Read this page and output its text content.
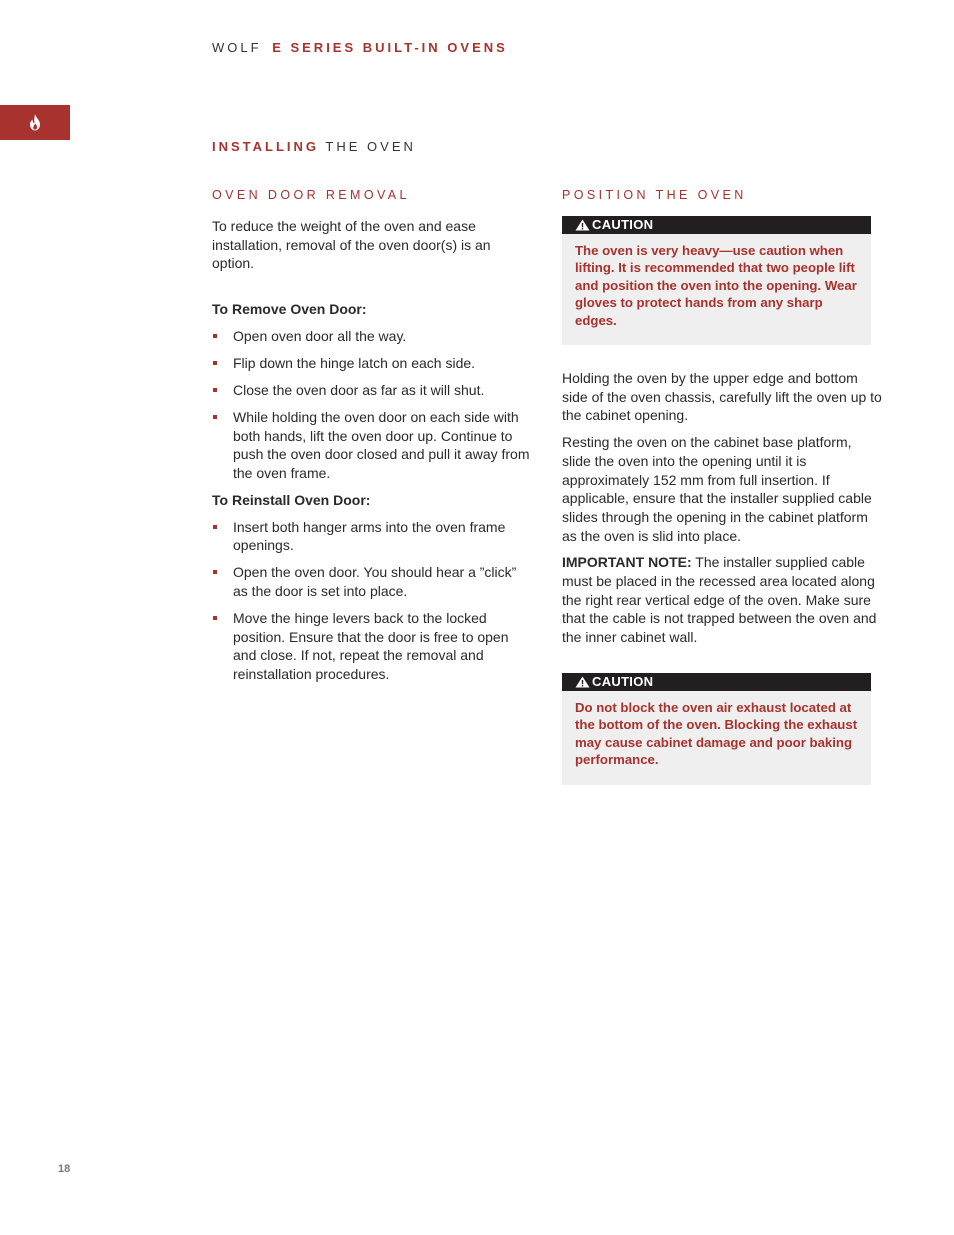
WOLF E SERIES BUILT-IN OVENS
INSTALLING THE OVEN
OVEN DOOR REMOVAL

To reduce the weight of the oven and ease installation, removal of the oven door(s) is an option.

To Remove Oven Door:
Open oven door all the way.
Flip down the hinge latch on each side.
Close the oven door as far as it will shut.
While holding the oven door on each side with both hands, lift the oven door up. Continue to push the oven door closed and pull it away from the oven frame.
To Reinstall Oven Door:
Insert both hanger arms into the oven frame openings.
Open the oven door. You should hear a ”click” as the door is set into place.
Move the hinge levers back to the locked position. Ensure that the door is free to open and close. If not, repeat the removal and reinstallation procedures.
POSITION THE OVEN
CAUTION
The oven is very heavy—use caution when lifting. It is recommended that two people lift and position the oven into the opening. Wear gloves to protect hands from any sharp edges.

Holding the oven by the upper edge and bottom side of the oven chassis, carefully lift the oven up to the cabinet opening.

Resting the oven on the cabinet base platform, slide the oven into the opening until it is approximately 152 mm from full insertion. If applicable, ensure that the installer supplied cable slides through the opening in the cabinet platform as the oven is slid into place.

IMPORTANT NOTE: The installer supplied cable must be placed in the recessed area located along the right rear vertical edge of the oven. Make sure that the cable is not trapped between the oven and the inner cabinet wall.

CAUTION
Do not block the oven air exhaust located at the bottom of the oven. Blocking the exhaust may cause cabinet damage and poor baking performance.
18
